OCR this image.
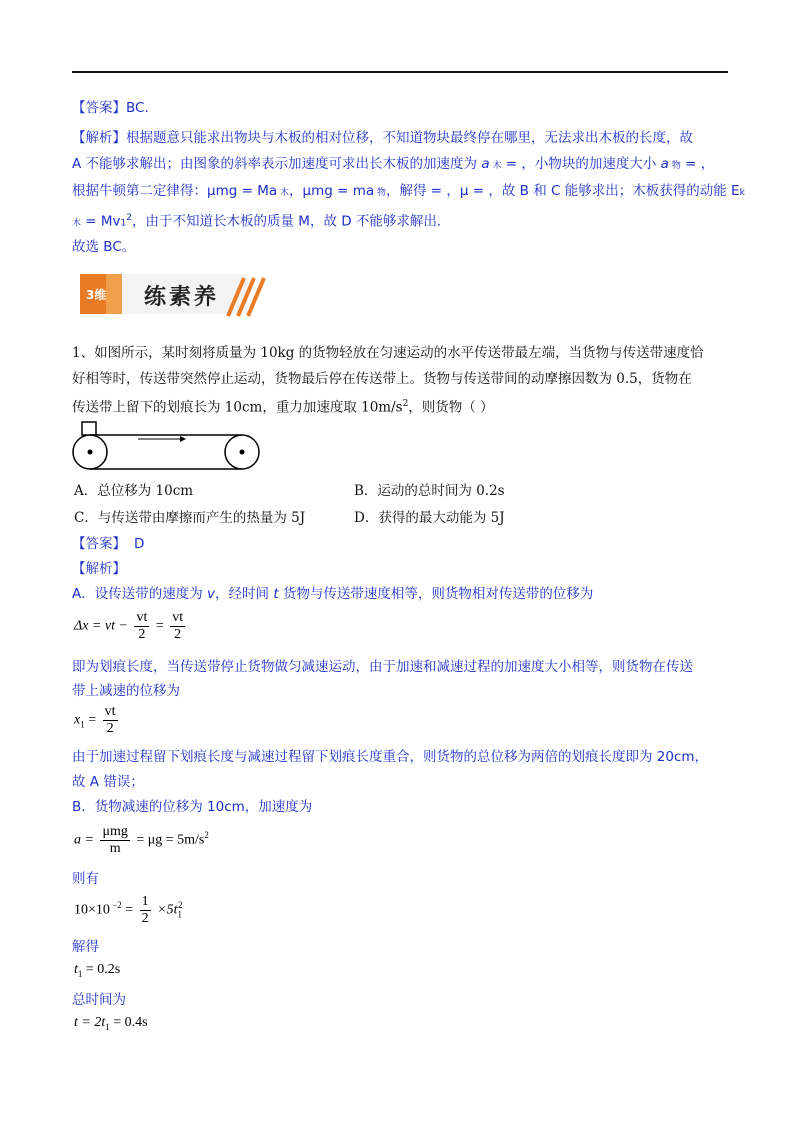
【答案】BC.
【解析】根据题意只能求出物块与木板的相对位移，不知道物块最终停在哪里，无法求出木板的长度，故
A 不能够求解出；由图象的斜率表示加速度可求出长木板的加速度为 a 木 = ，小物块的加速度大小 a 物 = ，
根据牛顿第二定律得：μmg = Ma 木，μmg = ma 物，解得 = ，μ = ，故 B 和 C 能够求出；木板获得的动能 Ek
木 = $Mv1^2$，由于不知道长木板的质量 M，故 D 不能够求解出.
故选 BC。
3维 练素养
1、如图所示，某时刻将质量为 10kg 的货物轻放在匀速运动的水平传送带最左端，当货物与传送带速度恰
好相等时，传送带突然停止运动，货物最后停在传送带上。货物与传送带间的动摩擦因数为 0.5，货物在
传送带上留下的划痕长为 10cm，重力加速度取 $10m/s^2$，则货物（ ）
A．总位移为 10cm	B．运动的总时间为 0.2s
C．与传送带由摩擦而产生的热量为 5J	D．获得的最大动能为 5J
【答案】 D
【解析】
A．设传送带的速度为 v，经时间 t 货物与传送带速度相等，则货物相对传送带的位移为
Δx = vt − $\frac{vt}{2} = \frac{vt}{2}$
即为划痕长度，当传送带停止货物做匀减速运动，由于加速和减速过程的加速度大小相等，则货物在传送
带上减速的位移为
$x_1 = \frac{vt}{2}$
由于加速过程留下划痕长度与减速过程留下划痕长度重合，则货物的总位移为两倍的划痕长度即为 20cm，
故 A 错误；
B．货物减速的位移为 10cm，加速度为
$a = \frac{\text{μmg}}{m} = \mu g = 5m/s^2$
则有
10×10 $^{-2} = \frac{1}{2} \times 5t_1^2$
解得
$t_1 = 0.2s$
总时间为
$t = 2t_1 = 0.4s$
